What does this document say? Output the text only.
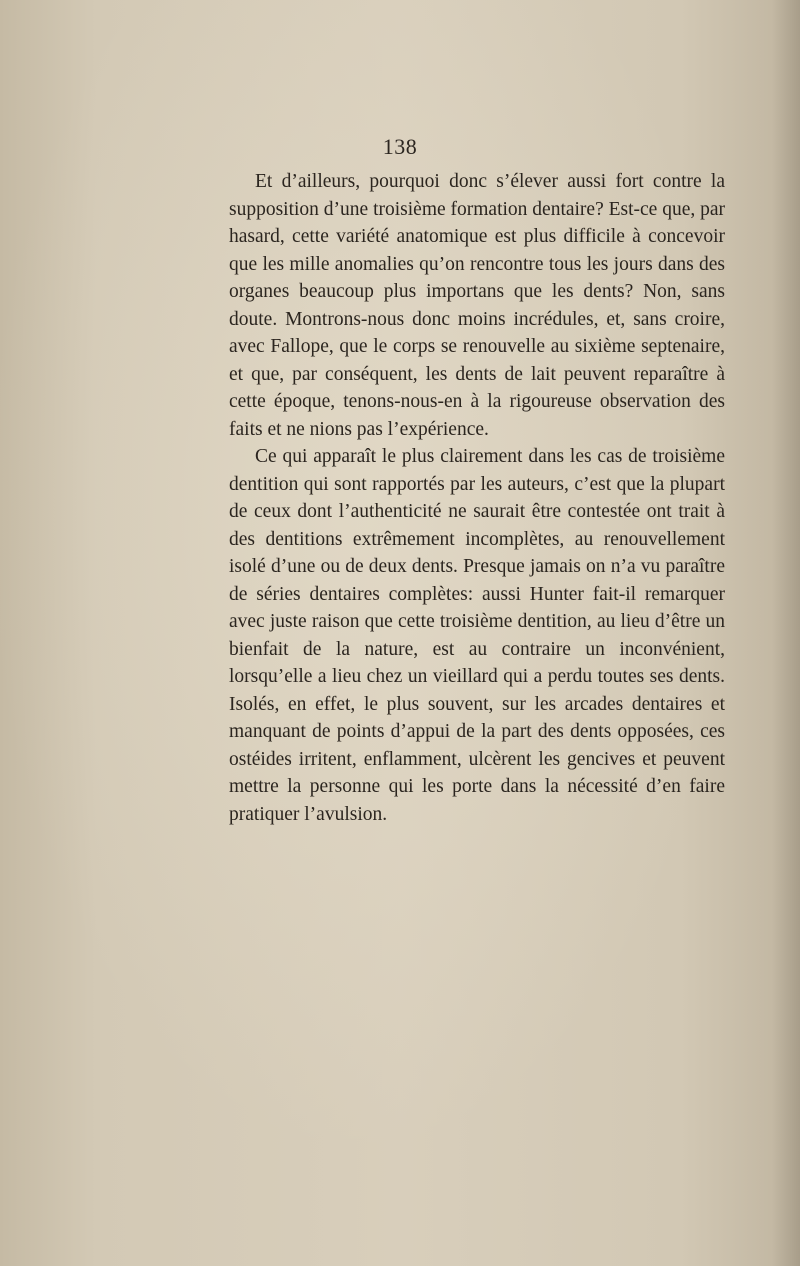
138

Et d’ailleurs, pourquoi donc s’élever aussi fort contre la supposition d’une troisième formation dentaire? Est-ce que, par hasard, cette variété anatomique est plus difficile à concevoir que les mille anomalies qu’on rencontre tous les jours dans des organes beaucoup plus importans que les dents? Non, sans doute. Montrons-nous donc moins incrédules, et, sans croire, avec Fallope, que le corps se renouvelle au sixième septenaire, et que, par conséquent, les dents de lait peuvent reparaître à cette époque, tenons-nous-en à la rigoureuse observation des faits et ne nions pas l’expérience.

Ce qui apparaît le plus clairement dans les cas de troisième dentition qui sont rapportés par les auteurs, c’est que la plupart de ceux dont l’authenticité ne saurait être contestée ont trait à des dentitions extrêmement incomplètes, au renouvellement isolé d’une ou de deux dents. Presque jamais on n’a vu paraître de séries dentaires complètes: aussi Hunter fait-il remarquer avec juste raison que cette troisième dentition, au lieu d’être un bienfait de la nature, est au contraire un inconvénient, lorsqu’elle a lieu chez un vieillard qui a perdu toutes ses dents. Isolés, en effet, le plus souvent, sur les arcades dentaires et manquant de points d’appui de la part des dents opposées, ces ostéides irritent, enflamment, ulcèrent les gencives et peuvent mettre la personne qui les porte dans la nécessité d’en faire pratiquer l’avulsion.
